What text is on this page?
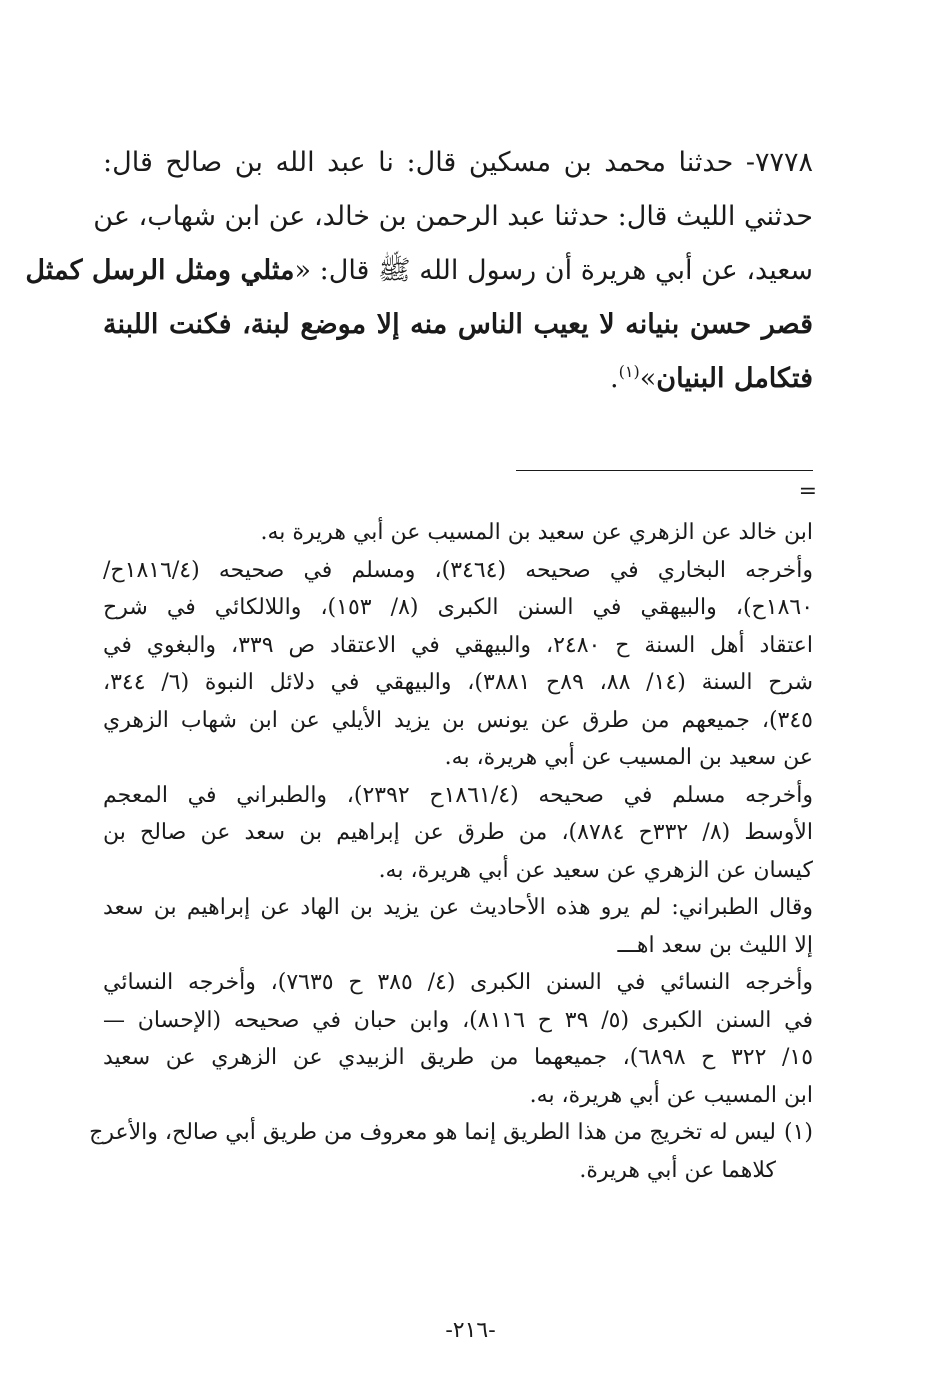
٧٧٧٨- حدثنا محمد بن مسكين قال: نا عبد الله بن صالح قال:
حدثني الليث قال: حدثنا عبد الرحمن بن خالد، عن ابن شهاب، عن
سعيد، عن أبي هريرة أن رسول الله ﷺ قال: «مثلي ومثل الرسل كمثل
قصر حسن بنيانه لا يعيب الناس منه إلا موضع لبنة، فكنت اللبنة
فتكامل البنيان»$^{(١)}$.
=
ابن خالد عن الزهري عن سعيد بن المسيب عن أبي هريرة به.
وأخرجه البخاري في صحيحه (٣٤٦٤)، ومسلم في صحيحه (١٨١٦/٤ح/
١٨٦٠ح)، والبيهقي في السنن الكبرى (٨/ ١٥٣)، واللالكائي في شرح
اعتقاد أهل السنة ح ٢٤٨٠، والبيهقي في الاعتقاد ص ٣٣٩، والبغوي في
شرح السنة (١٤/ ٨٨، ٨٩ح ٣٨٨١)، والبيهقي في دلائل النبوة (٦/ ٣٤٤،
٣٤٥)، جميعهم من طرق عن يونس بن يزيد الأيلي عن ابن شهاب الزهري
عن سعيد بن المسيب عن أبي هريرة، به.
وأخرجه مسلم في صحيحه (١٨٦١/٤ح ٢٣٩٢)، والطبراني في المعجم
الأوسط (٨/ ٣٣٢ح ٨٧٨٤)، من طرق عن إبراهيم بن سعد عن صالح بن
كيسان عن الزهري عن سعيد عن أبي هريرة، به.
وقال الطبراني: لم يرو هذه الأحاديث عن يزيد بن الهاد عن إبراهيم بن سعد
إلا الليث بن سعد اهـــ
وأخرجه النسائي في السنن الكبرى (٤/ ٣٨٥ ح ٧٦٣٥)، وأخرجه النسائي
في السنن الكبرى (٥/ ٣٩ ح ٨١١٦)، وابن حبان في صحيحه (الإحسان —
١٥/ ٣٢٢ ح ٦٨٩٨)، جميعهما من طريق الزبيدي عن الزهري عن سعيد
ابن المسيب عن أبي هريرة، به.
(١)
ليس له تخريج من هذا الطريق إنما هو معروف من طريق أبي صالح، والأعرج
كلاهما عن أبي هريرة.
-٢١٦-
